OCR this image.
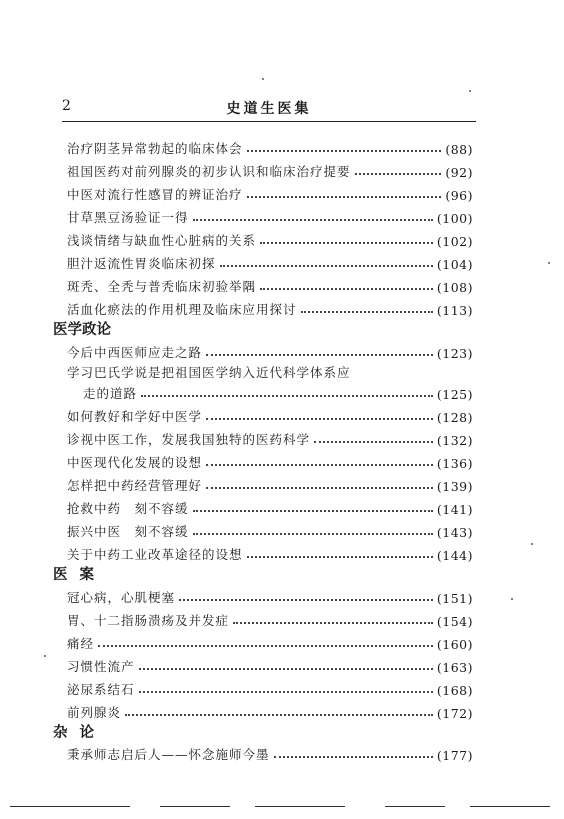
2	史道生医集
治疗阴茎异常勃起的临床体会	( 88 )
祖国医药对前列腺炎的初步认识和临床治疗提要	( 92 )
中医对流行性感冒的辨证治疗	( 96 )
甘草黑豆汤验证一得	( 100 )
浅谈情绪与缺血性心脏病的关系	( 102 )
胆汁返流性胃炎临床初探	( 104 )
斑秃、全秃与普秃临床初验举隅	( 108 )
活血化瘀法的作用机理及临床应用探讨	( 113 )
医学政论
今后中西医师应走之路	( 123 )
学习巴氏学说是把祖国医学纳入近代科学体系应
走的道路	( 125 )
如何教好和学好中医学	( 128 )
诊视中医工作，发展我国独特的医药科学	( 132 )
中医现代化发展的设想	( 136 )
怎样把中药经营管理好	( 139 )
抢救中药　刻不容缓	( 141 )
振兴中医　刻不容缓	( 143 )
关于中药工业改革途径的设想	( 144 )
医案
冠心病，心肌梗塞	( 151 )
胃、十二指肠溃疡及并发症	( 154 )
痛经	( 160 )
习惯性流产	( 163 )
泌尿系结石	( 168 )
前列腺炎	( 172 )
杂论
秉承师志启后人——怀念施师今墨	( 177 )
